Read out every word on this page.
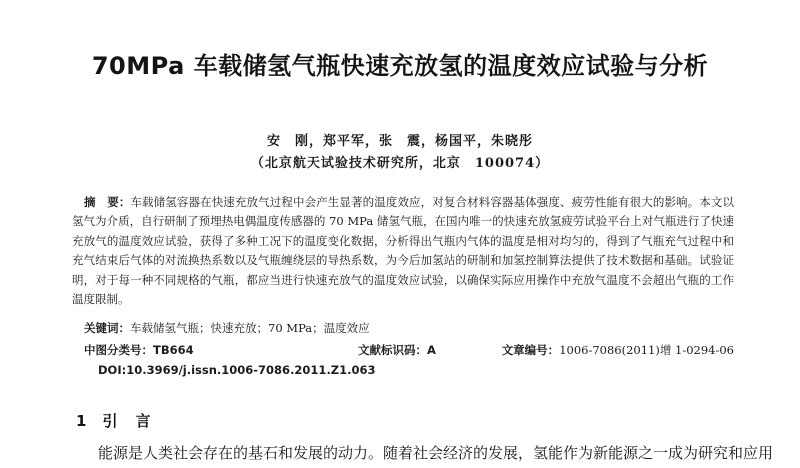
70MPa 车载储氢气瓶快速充放氢的温度效应试验与分析
安　刚，郑平军，张　震，杨国平，朱晓彤
（北京航天试验技术研究所，北京　100074）
摘　要：车载储氢容器在快速充放气过程中会产生显著的温度效应，对复合材料容器基体强度、疲劳性能有很大的影响。本文以氢气为介质，自行研制了预埋热电偶温度传感器的 70 MPa 储氢气瓶，在国内唯一的快速充放氢疲劳试验平台上对气瓶进行了快速充放气的温度效应试验，获得了多种工况下的温度变化数据，分析得出气瓶内气体的温度是相对均匀的，得到了气瓶充气过程中和充气结束后气体的对流换热系数以及气瓶缠绕层的导热系数，为今后加氢站的研制和加氢控制算法提供了技术数据和基础。试验证明，对于每一种不同规格的气瓶，都应当进行快速充放气的温度效应试验，以确保实际应用操作中充放气温度不会超出气瓶的工作温度限制。
关键词：车载储氢气瓶；快速充放；70 MPa；温度效应
中图分类号：TB664	文献标识码：A	文章编号：1006-7086(2011)增 1-0294-06
DOI:10.3969/j.issn.1006-7086.2011.Z1.063
1 引言
能源是人类社会存在的基石和发展的动力。随着社会经济的发展，氢能作为新能源之一成为研究和应用
